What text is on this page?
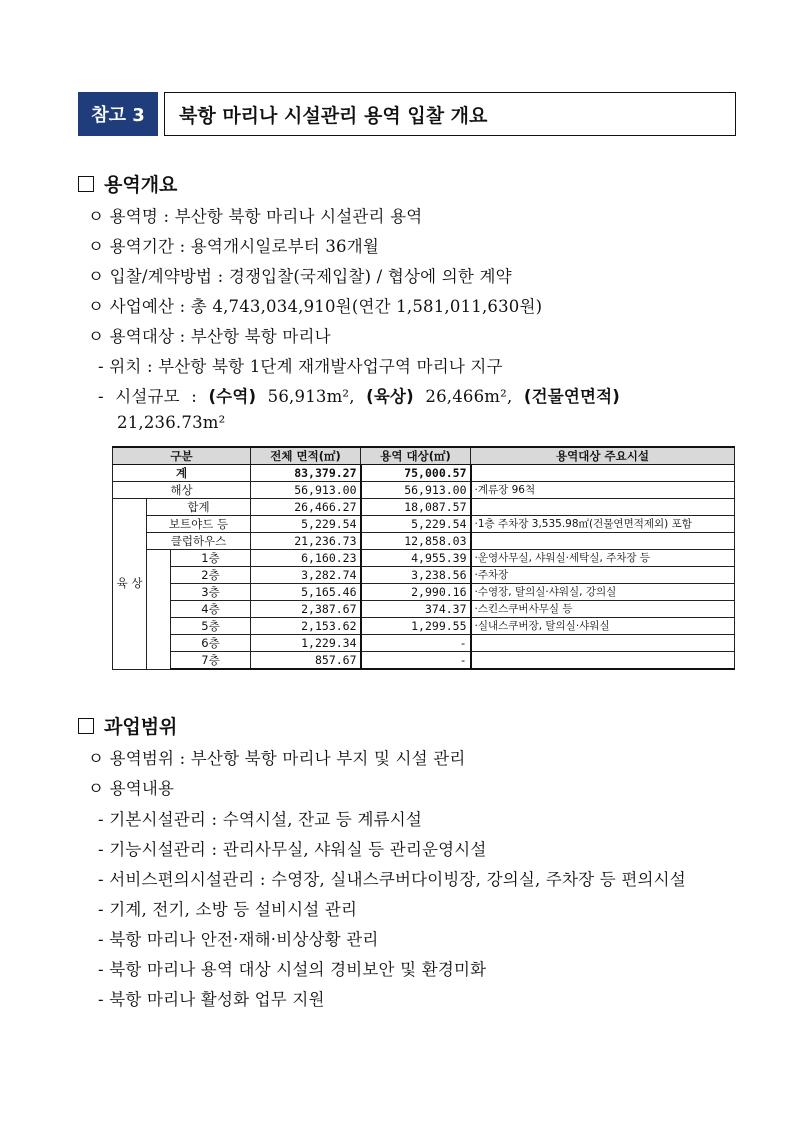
참고 3	북항 마리나 시설관리 용역 입찰 개요
용역개요
ㅇ 용역명 : 부산항 북항 마리나 시설관리 용역
ㅇ 용역기간 : 용역개시일로부터 36개월
ㅇ 입찰/계약방법 : 경쟁입찰(국제입찰) / 협상에 의한 계약
ㅇ 사업예산 : 총 4,743,034,910원(연간 1,581,011,630원)
ㅇ 용역대상 : 부산항 북항 마리나
- 위치 : 부산항 북항 1단계 재개발사업구역 마리나 지구
- 시설규모 : (수역) 56,913m², (육상) 26,466m², (건물연면적)
21,236.73m²
구분			전체 면적(㎡)	용역 대상(㎡)	용역대상 주요시설
계			83,379.27	75,000.57	
해상			56,913.00	56,913.00	·계류장 96척
육 상	합계		26,466.27	18,087.57	
	보트야드 등		5,229.54	5,229.54	·1층 주차장 3,535.98㎡(건물연면적제외) 포함
	클럽하우스		21,236.73	12,858.03	
		1층	6,160.23	4,955.39	·운영사무실, 샤워실·세탁실, 주차장 등
		2층	3,282.74	3,238.56	·주차장
		3층	5,165.46	2,990.16	·수영장, 탈의실·샤워실, 강의실
		4층	2,387.67	374.37	·스킨스쿠버사무실 등
		5층	2,153.62	1,299.55	·실내스쿠버장, 탈의실·샤워실
		6층	1,229.34	-	
		7층	857.67	-	
과업범위
ㅇ 용역범위 : 부산항 북항 마리나 부지 및 시설 관리
ㅇ 용역내용
- 기본시설관리 : 수역시설, 잔교 등 계류시설
- 기능시설관리 : 관리사무실, 샤워실 등 관리운영시설
- 서비스편의시설관리 : 수영장, 실내스쿠버다이빙장, 강의실, 주차장 등 편의시설
- 기계, 전기, 소방 등 설비시설 관리
- 북항 마리나 안전·재해·비상상황 관리
- 북항 마리나 용역 대상 시설의 경비보안 및 환경미화
- 북항 마리나 활성화 업무 지원
